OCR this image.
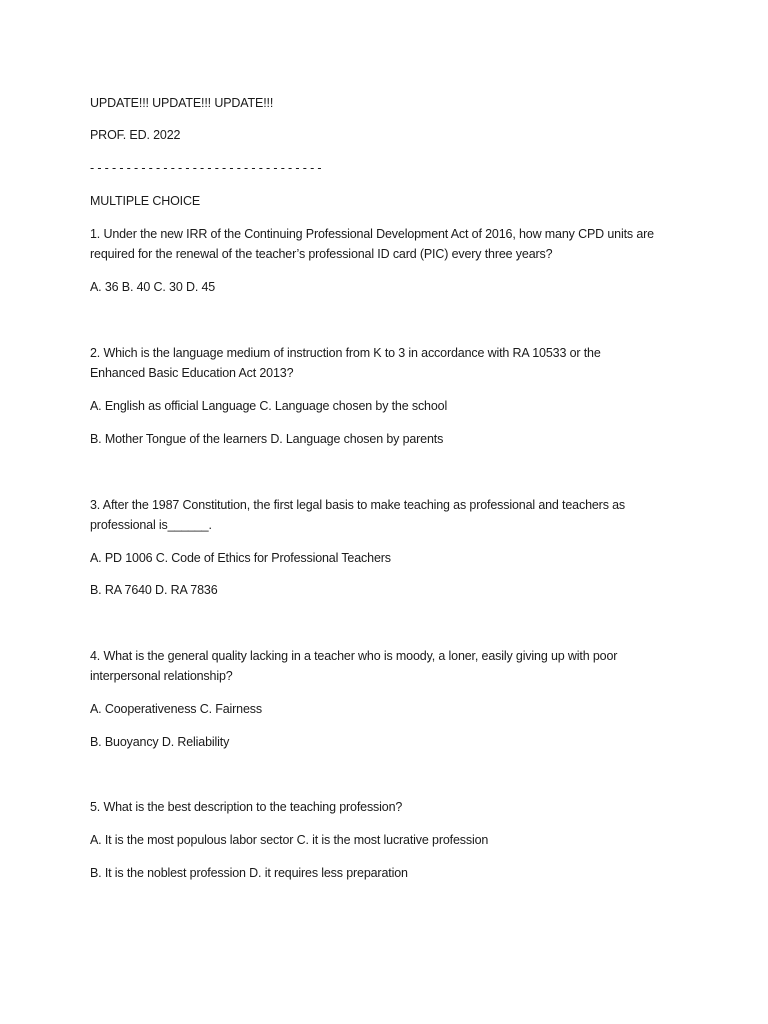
UPDATE!!! UPDATE!!! UPDATE!!!
PROF. ED. 2022
- - - - - - - - - - - - - - - - - - - - - - - - - - - - - - - -
MULTIPLE CHOICE
1. Under the new IRR of the Continuing Professional Development Act of 2016, how many CPD units are
required for the renewal of the teacher’s professional ID card (PIC) every three years?
A. 36 B. 40 C. 30 D. 45
2. Which is the language medium of instruction from K to 3 in accordance with RA 10533 or the
Enhanced Basic Education Act 2013?
A. English as official Language C. Language chosen by the school
B. Mother Tongue of the learners D. Language chosen by parents
3. After the 1987 Constitution, the first legal basis to make teaching as professional and teachers as
professional is______.
A. PD 1006 C. Code of Ethics for Professional Teachers
B. RA 7640 D. RA 7836
4. What is the general quality lacking in a teacher who is moody, a loner, easily giving up with poor
interpersonal relationship?
A. Cooperativeness C. Fairness
B. Buoyancy D. Reliability
5. What is the best description to the teaching profession?
A. It is the most populous labor sector C. it is the most lucrative profession
B. It is the noblest profession D. it requires less preparation
